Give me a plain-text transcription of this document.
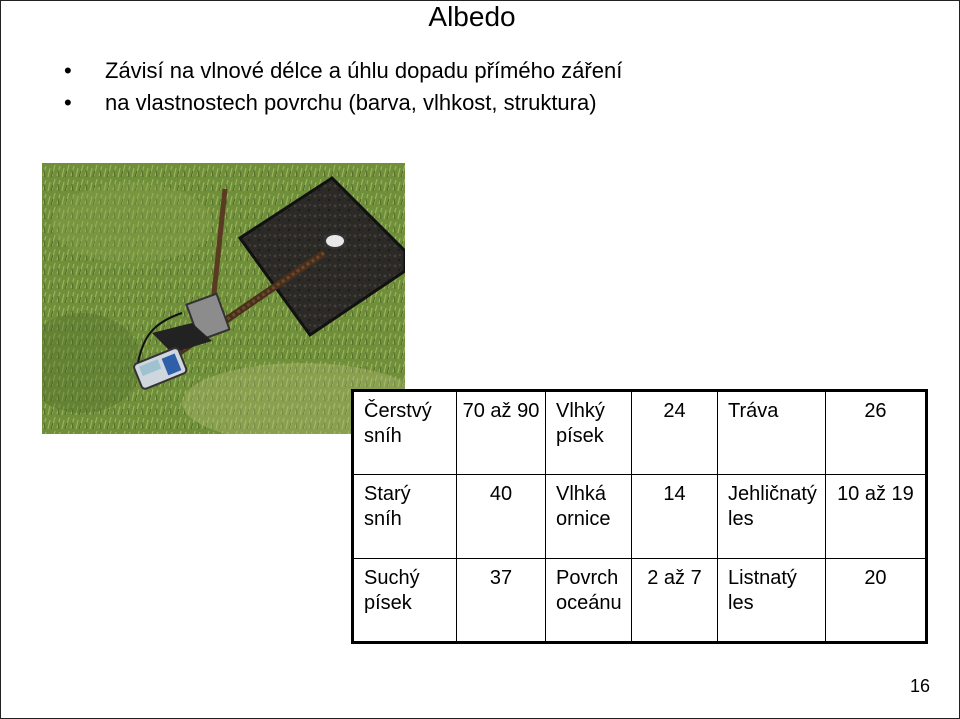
Albedo
• Závisí na vlnové délce a úhlu dopadu přímého záření
• na vlastnostech povrchu (barva, vlhkost, struktura)
Čerstvý sníh	70 až 90	Vlhký písek	24	Tráva	26
Starý sníh	40	Vlhká ornice	14	Jehličnatý les	10 až 19
Suchý písek	37	Povrch oceánu	2 až 7	Listnatý les	20
16
